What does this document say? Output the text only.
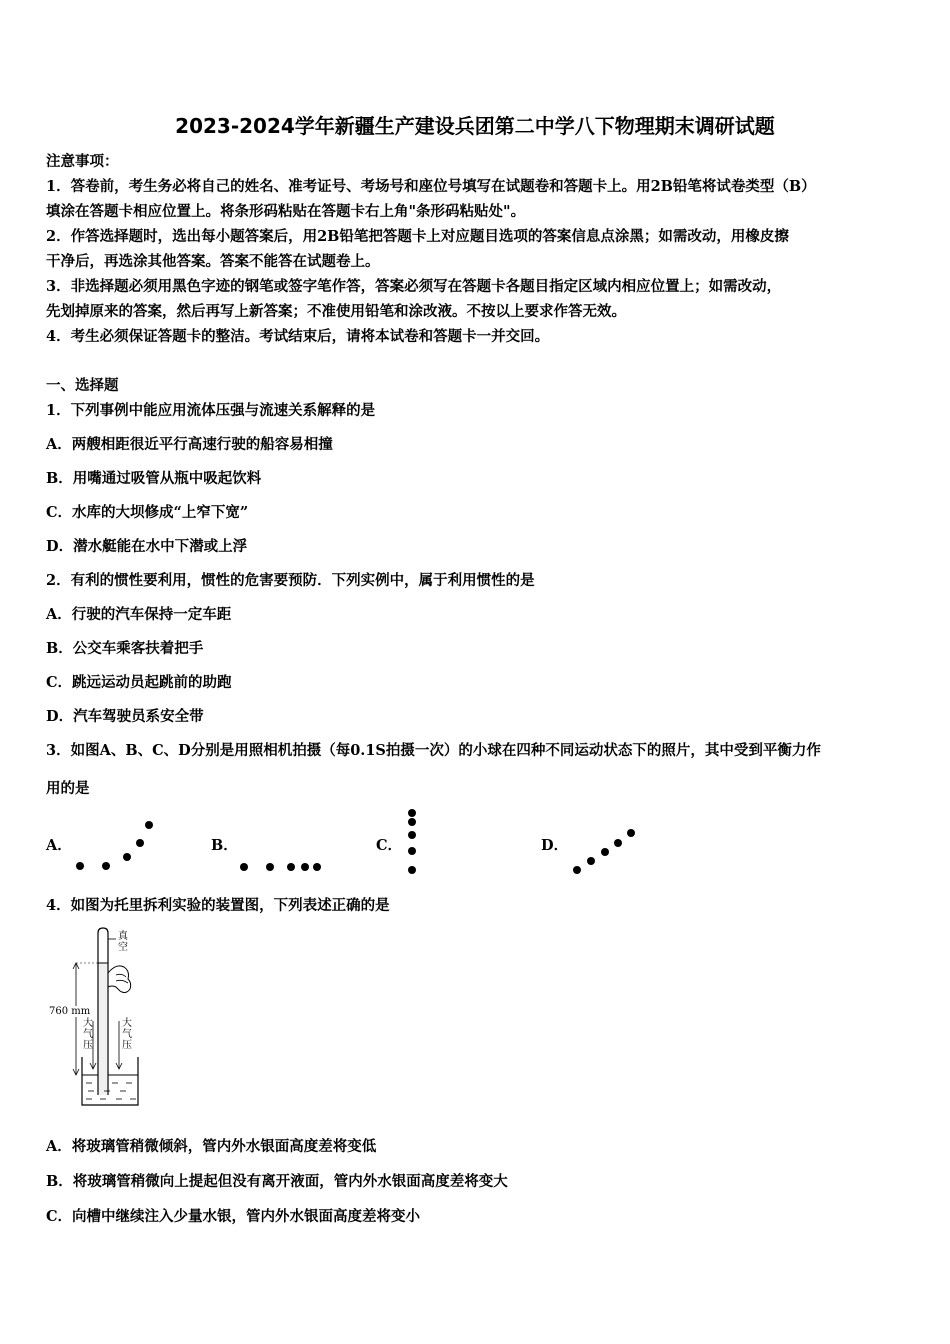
2023-2024学年新疆生产建设兵团第二中学八下物理期末调研试题
注意事项：
1．答卷前，考生务必将自己的姓名、准考证号、考场号和座位号填写在试题卷和答题卡上。用2B铅笔将试卷类型（B）
填涂在答题卡相应位置上。将条形码粘贴在答题卡右上角"条形码粘贴处"。
2．作答选择题时，选出每小题答案后，用2B铅笔把答题卡上对应题目选项的答案信息点涂黑；如需改动，用橡皮擦
干净后，再选涂其他答案。答案不能答在试题卷上。
3．非选择题必须用黑色字迹的钢笔或签字笔作答，答案必须写在答题卡各题目指定区域内相应位置上；如需改动，
先划掉原来的答案，然后再写上新答案；不准使用铅笔和涂改液。不按以上要求作答无效。
4．考生必须保证答题卡的整洁。考试结束后，请将本试卷和答题卡一并交回。
一、选择题
1．下列事例中能应用流体压强与流速关系解释的是
A．两艘相距很近平行高速行驶的船容易相撞
B．用嘴通过吸管从瓶中吸起饮料
C．水库的大坝修成“上窄下宽”
D．潜水艇能在水中下潜或上浮
2．有利的惯性要利用，惯性的危害要预防．下列实例中，属于利用惯性的是
A．行驶的汽车保持一定车距
B．公交车乘客扶着把手
C．跳远运动员起跳前的助跑
D．汽车驾驶员系安全带
3．如图A、B、C、D分别是用照相机拍摄（每0.1S拍摄一次）的小球在四种不同运动状态下的照片，其中受到平衡力作
用的是
A．	B．	C．	D．
4．如图为托里拆利实验的装置图，下列表述正确的是
真空
760 mm
大气压
大气压
A．将玻璃管稍微倾斜，管内外水银面高度差将变低
B．将玻璃管稍微向上提起但没有离开液面，管内外水银面高度差将变大
C．向槽中继续注入少量水银，管内外水银面高度差将变小
